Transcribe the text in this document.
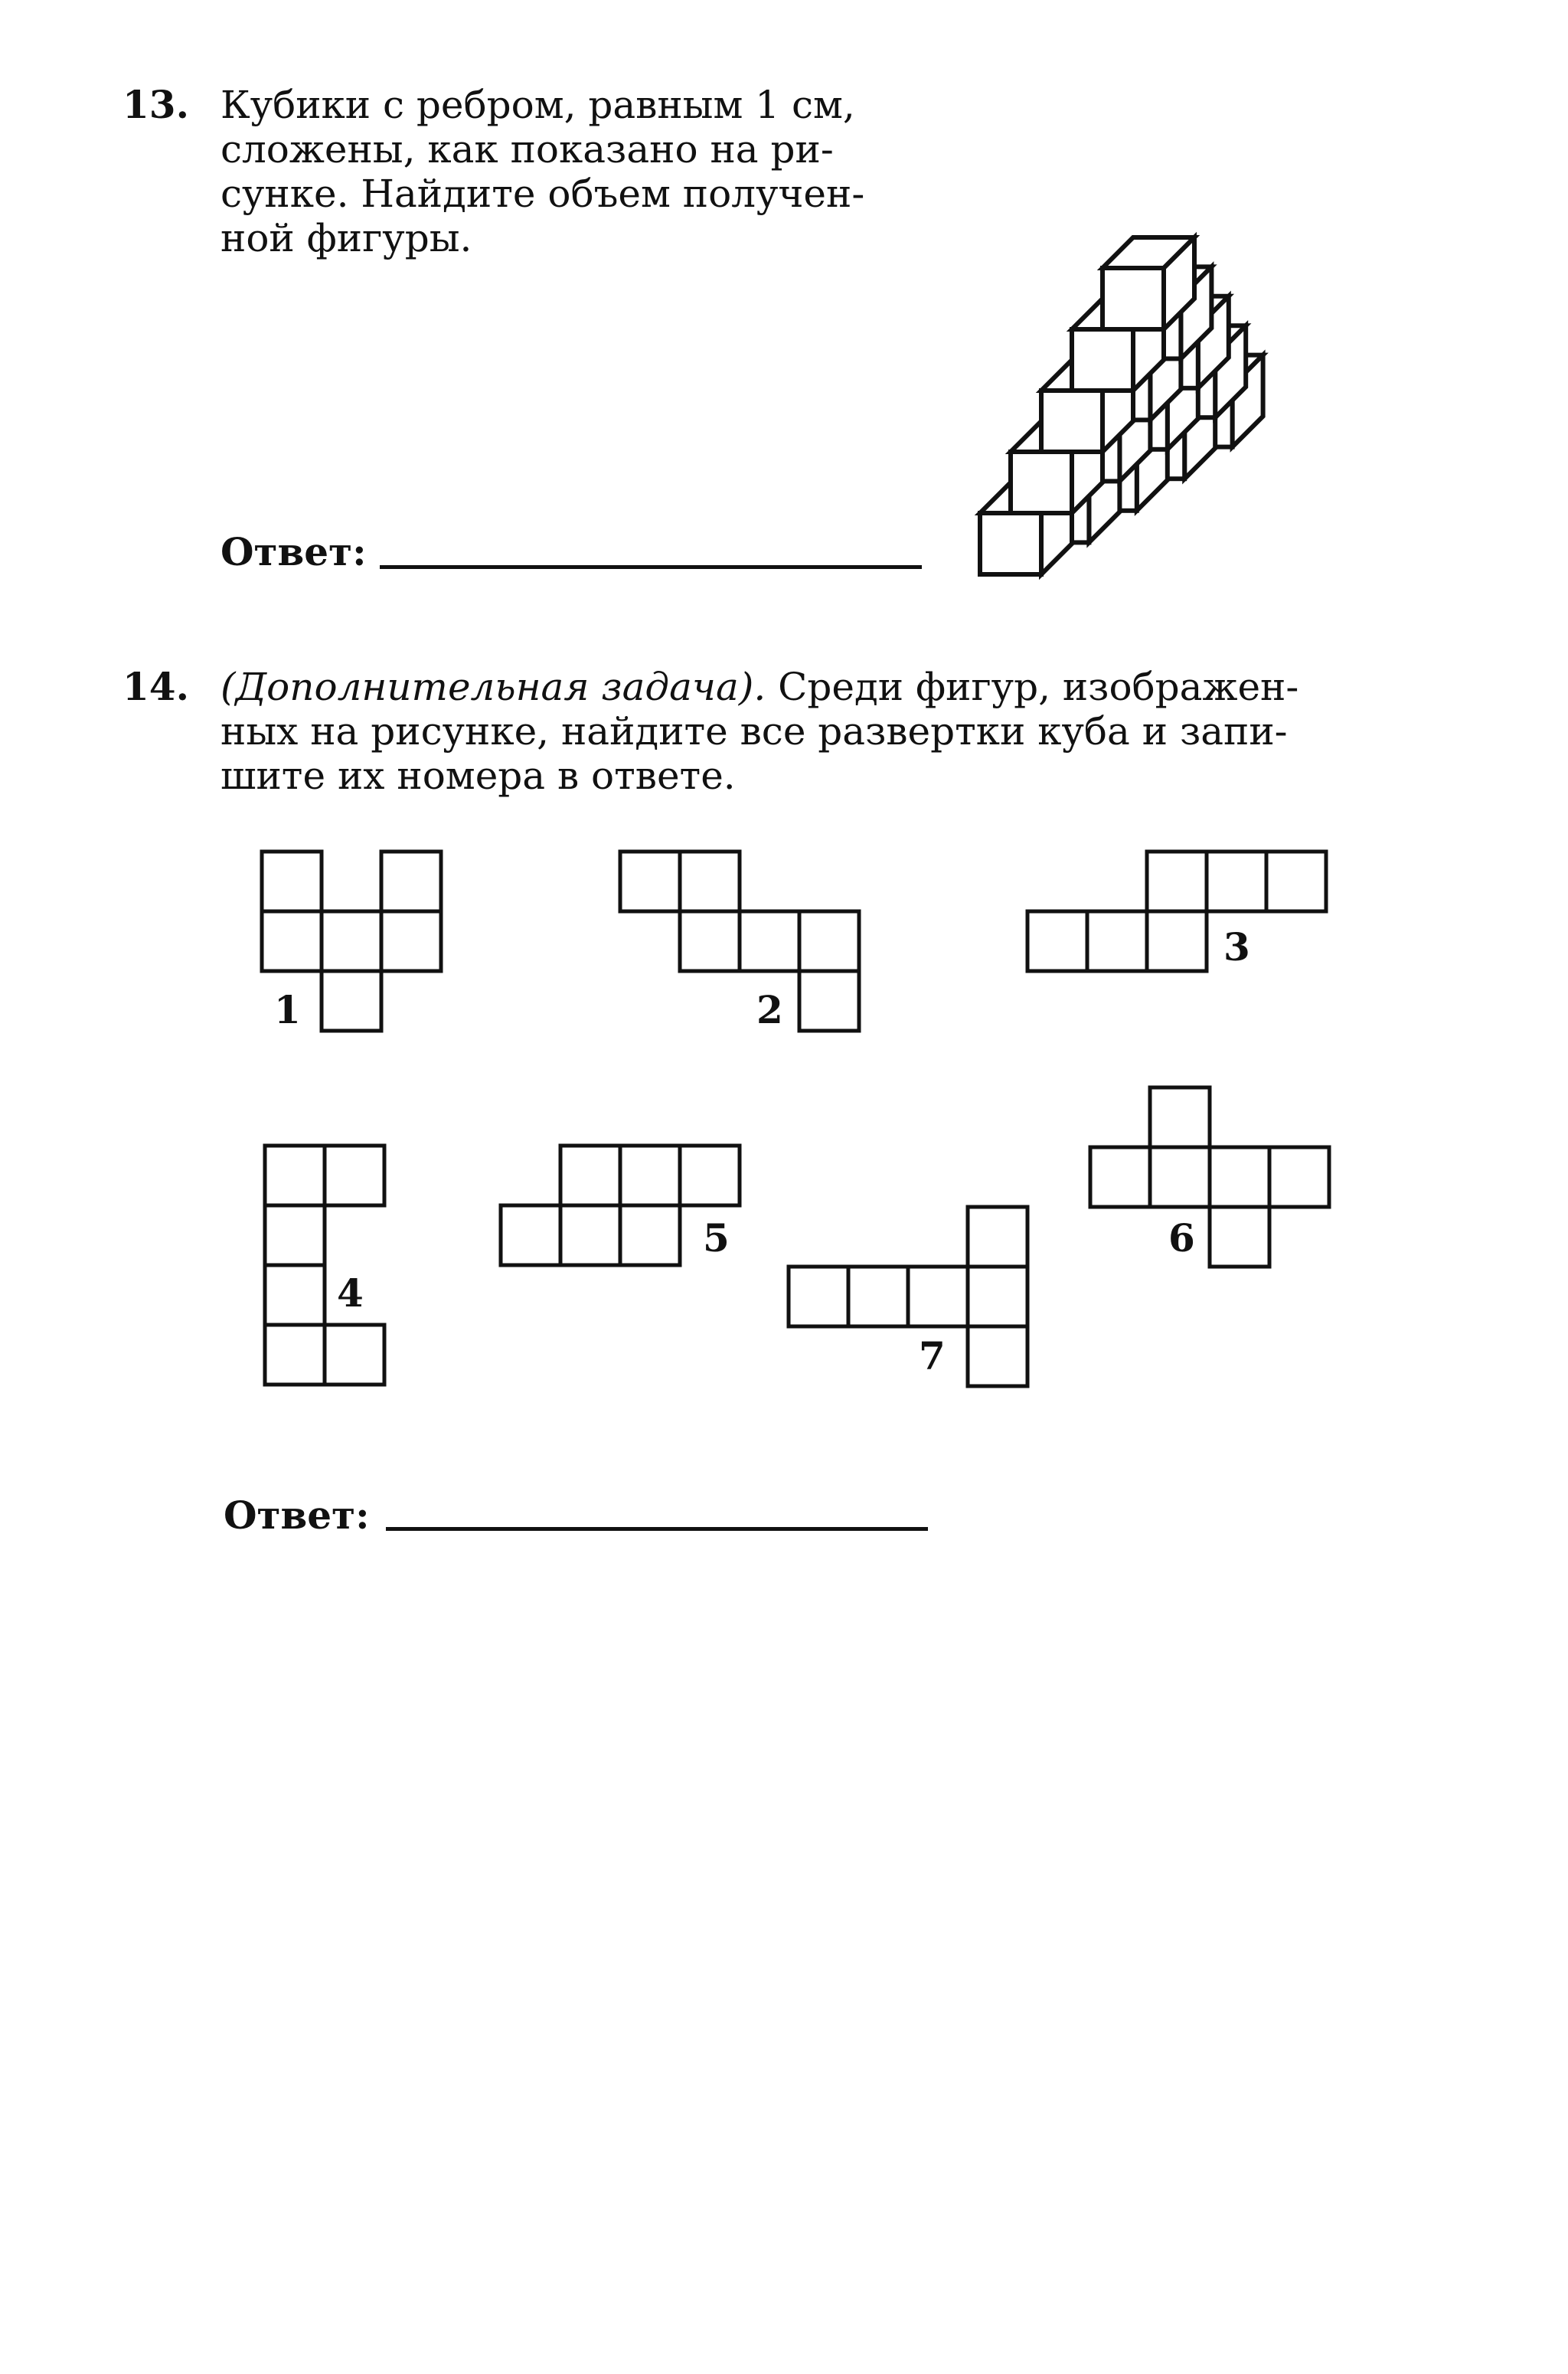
13. Кубики с ребром, равным 1 см,
сложены, как показано на ри-
сунке. Найдите объем получен-
ной фигуры.
Ответ:
14. (Дополнительная задача). Среди фигур, изображен-
ных на рисунке, найдите все развертки куба и запи-
шите их номера в ответе.
1	2
3
4
5	6
7
Ответ:
